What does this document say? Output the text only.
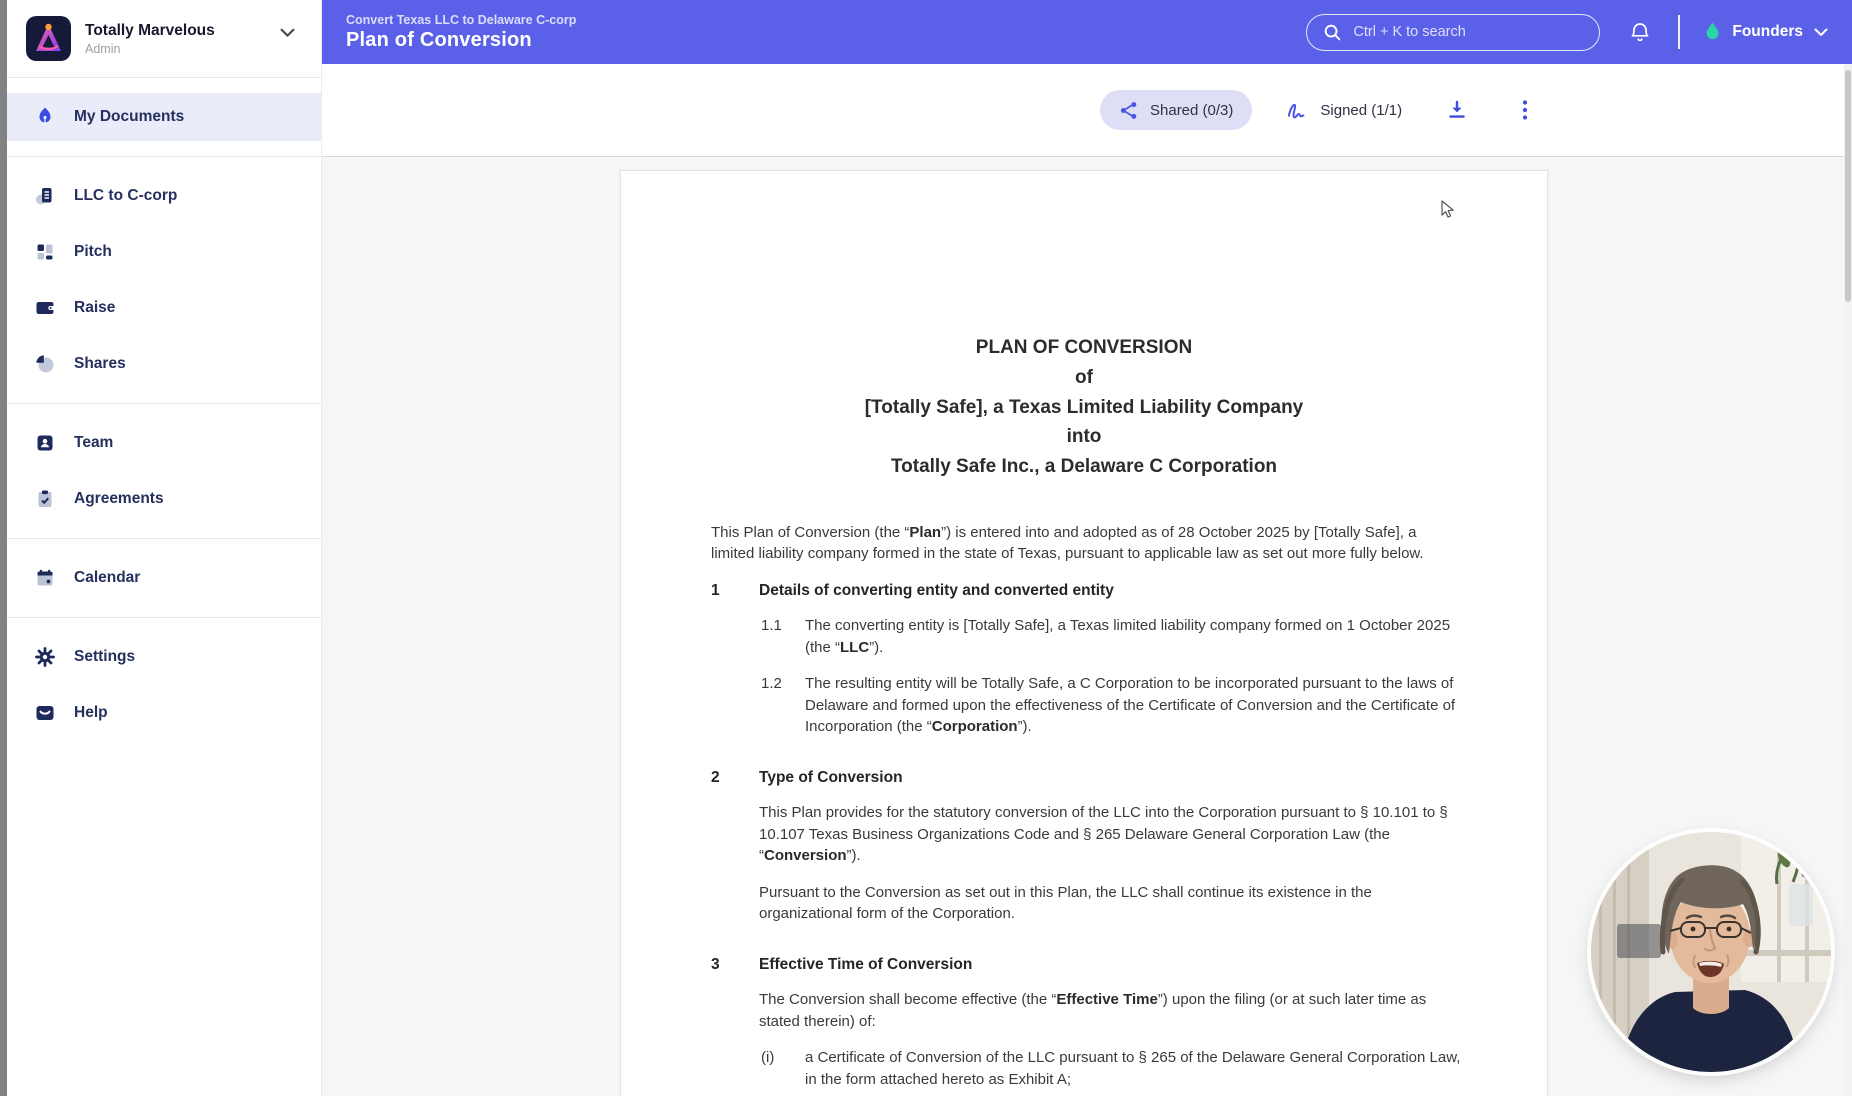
Totally Marvelous
Admin
My Documents
LLC to C-corp
Pitch
Raise
Shares
Team
Agreements
Calendar
Settings
Help
Convert Texas LLC to Delaware C-corp
Plan of Conversion	Ctrl + K to search	Founders
Shared (0/3)	Signed (1/1)
PLAN OF CONVERSION
of
[Totally Safe], a Texas Limited Liability Company
into
Totally Safe Inc., a Delaware C Corporation
This Plan of Conversion (the “Plan”) is entered into and adopted as of 28 October 2025 by [Totally Safe], a limited liability company formed in the state of Texas, pursuant to applicable law as set out more fully below.
1	Details of converting entity and converted entity
1.1	The converting entity is [Totally Safe], a Texas limited liability company formed on 1 October 2025 (the “LLC”).
1.2	The resulting entity will be Totally Safe, a C Corporation to be incorporated pursuant to the laws of Delaware and formed upon the effectiveness of the Certificate of Conversion and the Certificate of Incorporation (the “Corporation”).
2	Type of Conversion
This Plan provides for the statutory conversion of the LLC into the Corporation pursuant to § 10.101 to § 10.107 Texas Business Organizations Code and § 265 Delaware General Corporation Law (the “Conversion”).
Pursuant to the Conversion as set out in this Plan, the LLC shall continue its existence in the organizational form of the Corporation.
3	Effective Time of Conversion
The Conversion shall become effective (the “Effective Time”) upon the filing (or at such later time as stated therein) of:
(i)	a Certificate of Conversion of the LLC pursuant to § 265 of the Delaware General Corporation Law, in the form attached hereto as Exhibit A;
